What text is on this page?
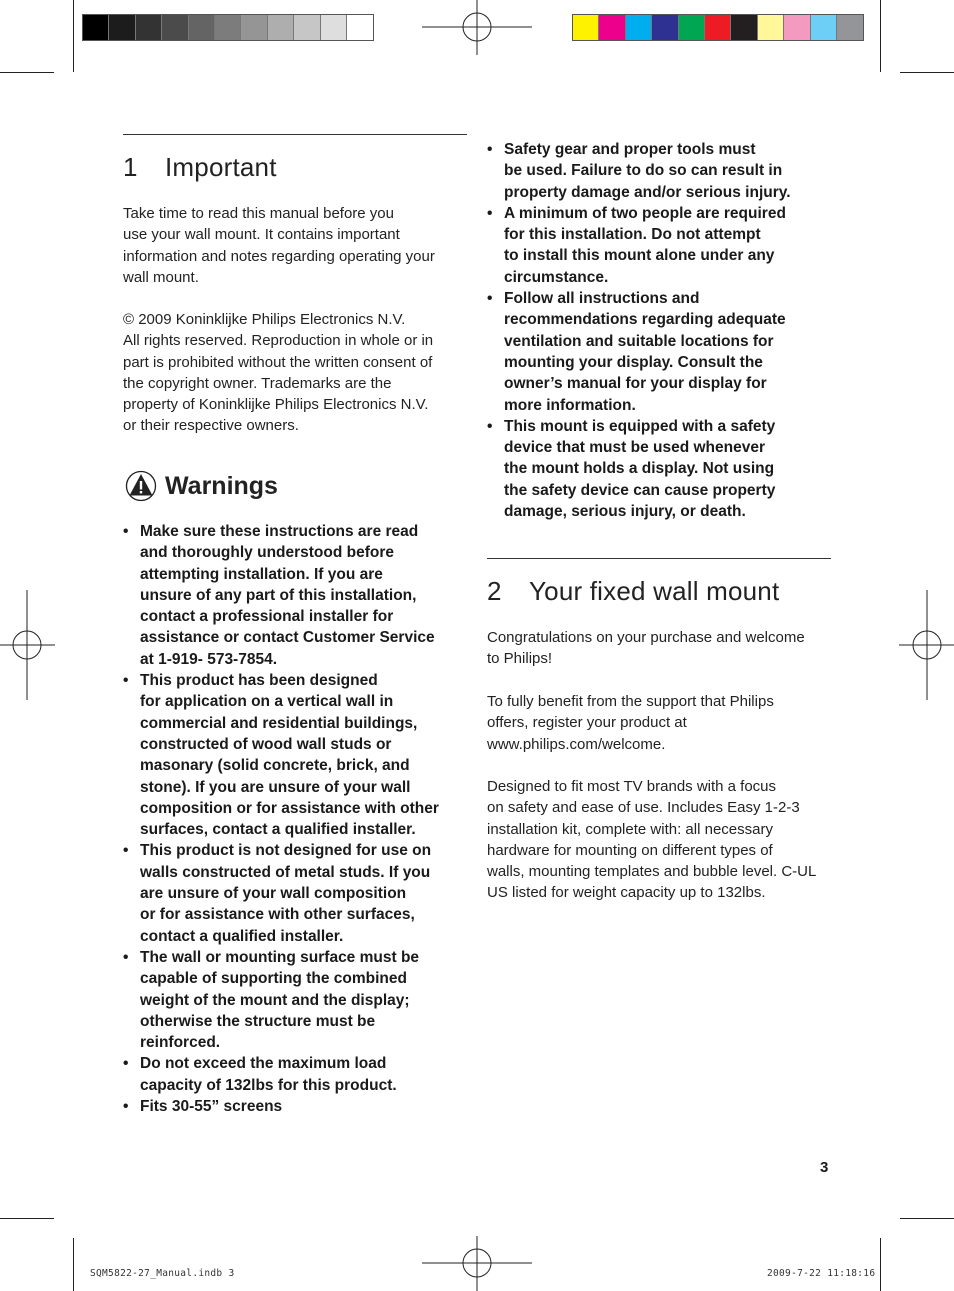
1 Important

Take time to read this manual before you

use your wall mount. It contains important

information and notes regarding operating your

wall mount.

© 2009 Koninklijke Philips Electronics N.V.

All rights reserved. Reproduction in whole or in

part is prohibited without the written consent of

the copyright owner. Trademarks are the

property of Koninklijke Philips Electronics N.V.

or their respective owners.

Warnings
• Make sure these instructions are read
and thoroughly understood before
attempting installation. If you are
unsure of any part of this installation,
contact a professional installer for
assistance or contact Customer Service
at 1-919- 573-7854.
• This product has been designed
for application on a vertical wall in
commercial and residential buildings,
constructed of wood wall studs or
masonary (solid concrete, brick, and
stone). If you are unsure of your wall
composition or for assistance with other
surfaces, contact a qualified installer.
• This product is not designed for use on
walls constructed of metal studs. If you
are unsure of your wall composition
or for assistance with other surfaces,
contact a qualified installer.
• The wall or mounting surface must be
capable of supporting the combined
weight of the mount and the display;
otherwise the structure must be
reinforced.
• Do not exceed the maximum load
capacity of 132lbs for this product.
• Fits 30-55” screens
• Safety gear and proper tools must
be used. Failure to do so can result in
property damage and/or serious injury.
• A minimum of two people are required
for this installation. Do not attempt
to install this mount alone under any
circumstance.
• Follow all instructions and
recommendations regarding adequate
ventilation and suitable locations for
mounting your display. Consult the
owner’s manual for your display for
more information.
• This mount is equipped with a safety
device that must be used whenever
the mount holds a display. Not using
the safety device can cause property
damage, serious injury, or death.
2 Your fixed wall mount

Congratulations on your purchase and welcome

to Philips!

To fully benefit from the support that Philips

offers, register your product at

www.philips.com/welcome.

Designed to fit most TV brands with a focus

on safety and ease of use. Includes Easy 1-2-3

installation kit, complete with: all necessary

hardware for mounting on different types of

walls, mounting templates and bubble level. C-UL

US listed for weight capacity up to 132lbs.

3
SQM5822-27_Manual.indb 3	2009-7-22 11:18:16
